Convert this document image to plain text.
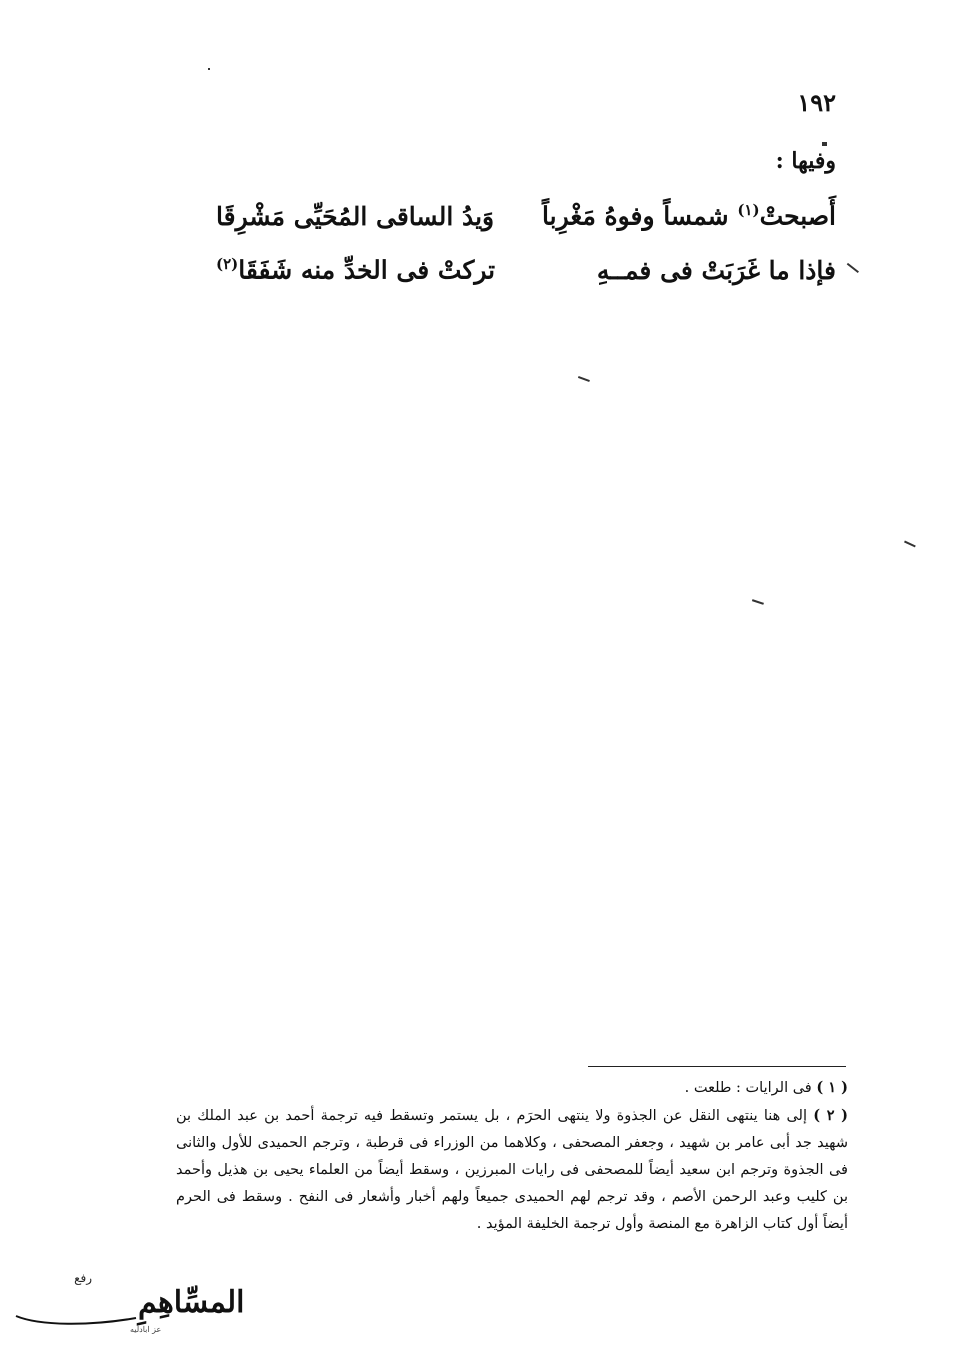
١٩٢
وفيها :
أَصبحتْ$^{(١)}$ شمساً وفوهُ مَغْرِباً
وَيدُ الساقى المُحَيِّى مَشْرِقَا
فإذا ما غَرَبَتْ فى فمــهِ
تركتْ فى الخدِّ منه شَفَقَا$^{(٢)}$

( ١ ) فى الرايات : طلعت .

( ٢ ) إلى هنا ينتهى النقل عن الجذوة ولا ينتهى الحرَم ، بل يستمر وتسقط فيه ترجمة أحمد بن عبد الملك بن شهيد جد أبى عامر بن شهيد ، وجعفر المصحفى ، وكلاهما من الوزراء فى قرطبة ، وترجم الحميدى للأول والثانى فى الجذوة وترجم ابن سعيد أيضاً للمصحفى فى رايات المبرزين ، وسقط أيضاً من العلماء يحيى بن هذيل وأحمد بن كليب وعبد الرحمن الأصم ، وقد ترجم لهم الحميدى جميعاً ولهم أخبار وأشعار فى النفح . وسقط فى الحرم أيضاً أول كتاب الزاهرة مع المنصة وأول ترجمة الخليفة المؤيد .

رفع
المسِّاهِمِ
عز ابادلیه
